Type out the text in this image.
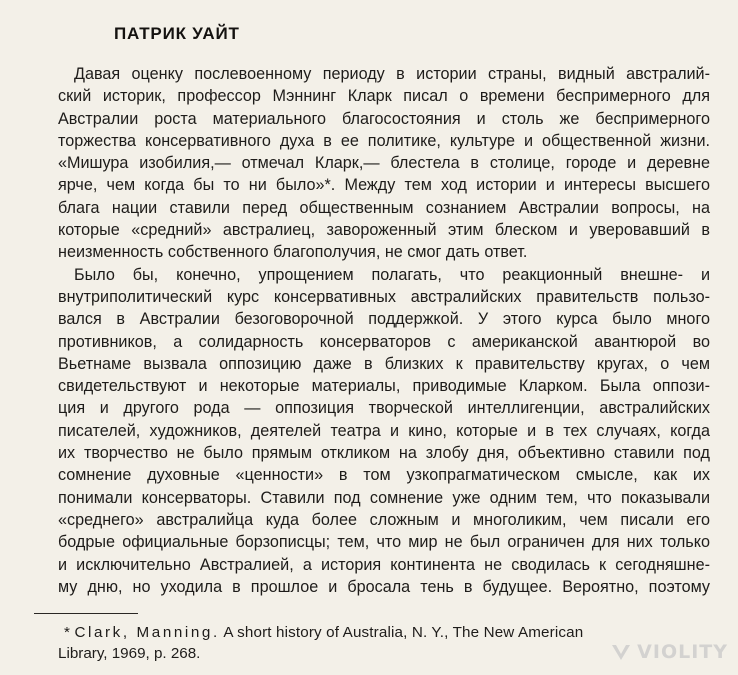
ПАТРИК УАЙТ
Давая оценку послевоенному периоду в истории страны, видный австралий-
ский историк, профессор Мэннинг Кларк писал о времени беспримерного для
Австралии роста материального благосостояния и столь же беспримерного
торжества консервативного духа в ее политике, культуре и общественной жизни.
«Мишура изобилия,— отмечал Кларк,— блестела в столице, городе и деревне
ярче, чем когда бы то ни было»*. Между тем ход истории и интересы высшего
блага нации ставили перед общественным сознанием Австралии вопросы, на
которые «средний» австралиец, завороженный этим блеском и уверовавший в
неизменность собственного благополучия, не смог дать ответ.
Было бы, конечно, упрощением полагать, что реакционный внешне- и
внутриполитический курс консервативных австралийских правительств пользо-
вался в Австралии безоговорочной поддержкой. У этого курса было много
противников, а солидарность консерваторов с американской авантюрой во
Вьетнаме вызвала оппозицию даже в близких к правительству кругах, о чем
свидетельствуют и некоторые материалы, приводимые Кларком. Была оппози-
ция и другого рода — оппозиция творческой интеллигенции, австралийских
писателей, художников, деятелей театра и кино, которые и в тех случаях, когда
их творчество не было прямым откликом на злобу дня, объективно ставили под
сомнение духовные «ценности» в том узкопрагматическом смысле, как их
понимали консерваторы. Ставили под сомнение уже одним тем, что показывали
«среднего» австралийца куда более сложным и многоликим, чем писали его
бодрые официальные борзописцы; тем, что мир не был ограничен для них только
и исключительно Австралией, а история континента не сводилась к сегодняшне-
му дню, но уходила в прошлое и бросала тень в будущее. Вероятно, поэтому
* Clark, Manning. A short history of Australia, N. Y., The New American
Library, 1969, p. 268.	VIOLITY
